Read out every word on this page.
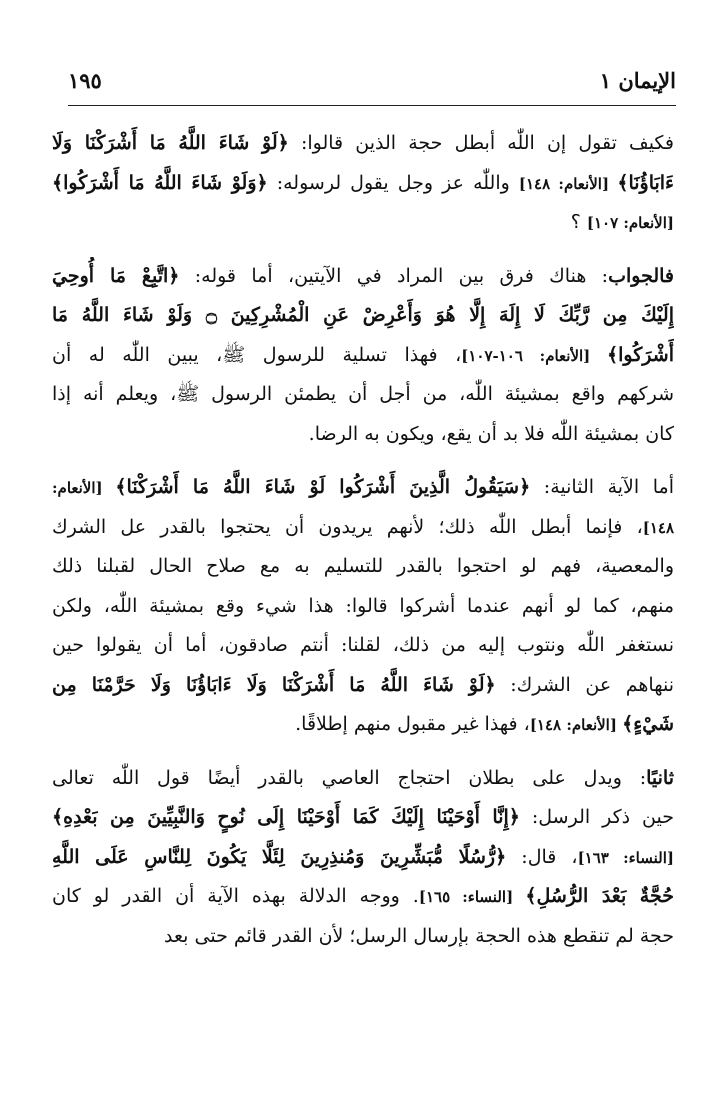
الإيمان ١
١٩٥
فكيف تقول إن اللّٰه أبطل حجة الذين قالوا: ﴿لَوْ شَاءَ اللَّهُ مَا أَشْرَكْنَا وَلَا
ءَابَاؤُنَا﴾ [الأنعام: ١٤٨] واللّٰه عز وجل يقول لرسوله: ﴿وَلَوْ شَاءَ اللَّهُ مَا أَشْرَكُوا﴾
[الأنعام: ١٠٧] ؟
فالجواب: هناك فرق بين المراد في الآيتين، أما قوله: ﴿اتَّبِعْ مَا أُوحِيَ
إِلَيْكَ مِن رَّبِّكَ لَا إِلَهَ إِلَّا هُوَ وَأَعْرِضْ عَنِ الْمُشْرِكِينَ ۝ وَلَوْ شَاءَ اللَّهُ مَا
أَشْرَكُوا﴾ [الأنعام: ١٠٦-١٠٧]، فهذا تسلية للرسول ﷺ، يبين اللّٰه له أن
شركهم واقع بمشيئة اللّٰه، من أجل أن يطمئن الرسول ﷺ، ويعلم أنه إذا
كان بمشيئة اللّٰه فلا بد أن يقع، ويكون به الرضا.
أما الآية الثانية: ﴿سَيَقُولُ الَّذِينَ أَشْرَكُوا لَوْ شَاءَ اللَّهُ مَا أَشْرَكْنَا﴾ [الأنعام:
١٤٨]، فإنما أبطل اللّٰه ذلك؛ لأنهم يريدون أن يحتجوا بالقدر عل الشرك
والمعصية، فهم لو احتجوا بالقدر للتسليم به مع صلاح الحال لقبلنا ذلك
منهم، كما لو أنهم عندما أشركوا قالوا: هذا شيء وقع بمشيئة اللّٰه، ولكن
نستغفر اللّٰه ونتوب إليه من ذلك، لقلنا: أنتم صادقون، أما أن يقولوا حين
ننهاهم عن الشرك: ﴿لَوْ شَاءَ اللَّهُ مَا أَشْرَكْنَا وَلَا ءَابَاؤُنَا وَلَا حَرَّمْنَا مِن
شَيْءٍ﴾ [الأنعام: ١٤٨]، فهذا غير مقبول منهم إطلاقًا.
ثانيًا: ويدل على بطلان احتجاج العاصي بالقدر أيضًا قول اللّٰه تعالى
حين ذكر الرسل: ﴿إِنَّا أَوْحَيْنَا إِلَيْكَ كَمَا أَوْحَيْنَا إِلَى نُوحٍ وَالنَّبِيِّينَ مِن بَعْدِهِ﴾
[النساء: ١٦٣]، قال: ﴿رُّسُلًا مُّبَشِّرِينَ وَمُنذِرِينَ لِئَلَّا يَكُونَ لِلنَّاسِ عَلَى اللَّهِ
حُجَّةٌ بَعْدَ الرُّسُلِ﴾ [النساء: ١٦٥]. ووجه الدلالة بهذه الآية أن القدر لو كان
حجة لم تنقطع هذه الحجة بإرسال الرسل؛ لأن القدر قائم حتى بعد
